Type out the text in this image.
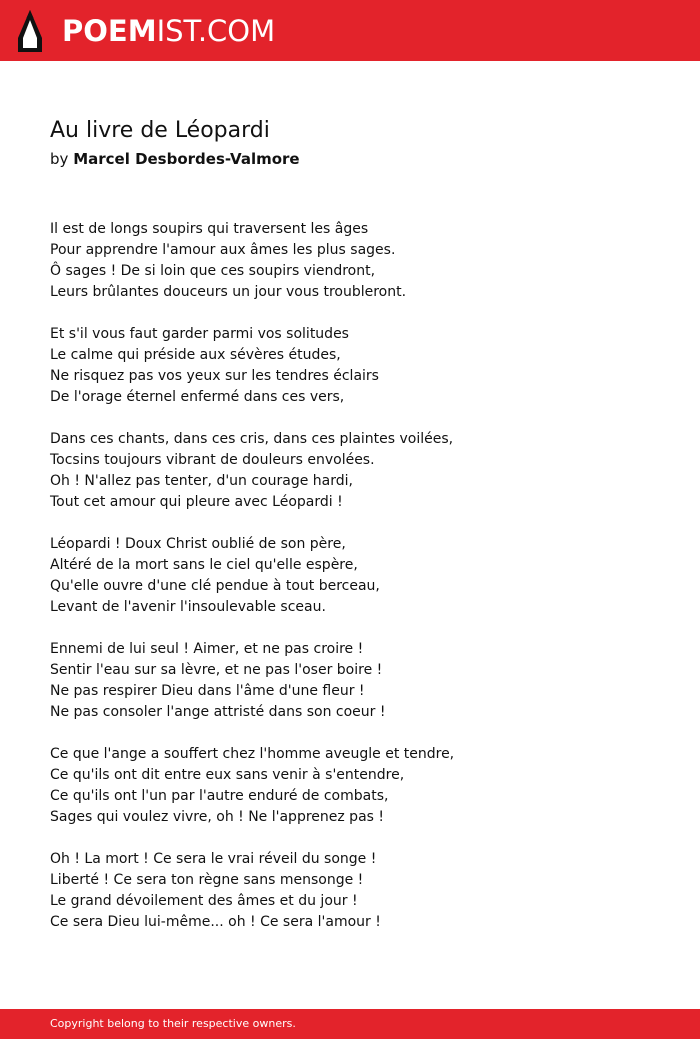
POEMIST.COM
Au livre de Léopardi
by Marcel Desbordes-Valmore
Il est de longs soupirs qui traversent les âges
Pour apprendre l'amour aux âmes les plus sages.
Ô sages ! De si loin que ces soupirs viendront,
Leurs brûlantes douceurs un jour vous troubleront.
Et s'il vous faut garder parmi vos solitudes
Le calme qui préside aux sévères études,
Ne risquez pas vos yeux sur les tendres éclairs
De l'orage éternel enfermé dans ces vers,
Dans ces chants, dans ces cris, dans ces plaintes voilées,
Tocsins toujours vibrant de douleurs envolées.
Oh ! N'allez pas tenter, d'un courage hardi,
Tout cet amour qui pleure avec Léopardi !
Léopardi ! Doux Christ oublié de son père,
Altéré de la mort sans le ciel qu'elle espère,
Qu'elle ouvre d'une clé pendue à tout berceau,
Levant de l'avenir l'insoulevable sceau.
Ennemi de lui seul ! Aimer, et ne pas croire !
Sentir l'eau sur sa lèvre, et ne pas l'oser boire !
Ne pas respirer Dieu dans l'âme d'une fleur !
Ne pas consoler l'ange attristé dans son coeur !
Ce que l'ange a souffert chez l'homme aveugle et tendre,
Ce qu'ils ont dit entre eux sans venir à s'entendre,
Ce qu'ils ont l'un par l'autre enduré de combats,
Sages qui voulez vivre, oh ! Ne l'apprenez pas !
Oh ! La mort ! Ce sera le vrai réveil du songe !
Liberté ! Ce sera ton règne sans mensonge !
Le grand dévoilement des âmes et du jour !
Ce sera Dieu lui-même... oh ! Ce sera l'amour !
Copyright belong to their respective owners.
